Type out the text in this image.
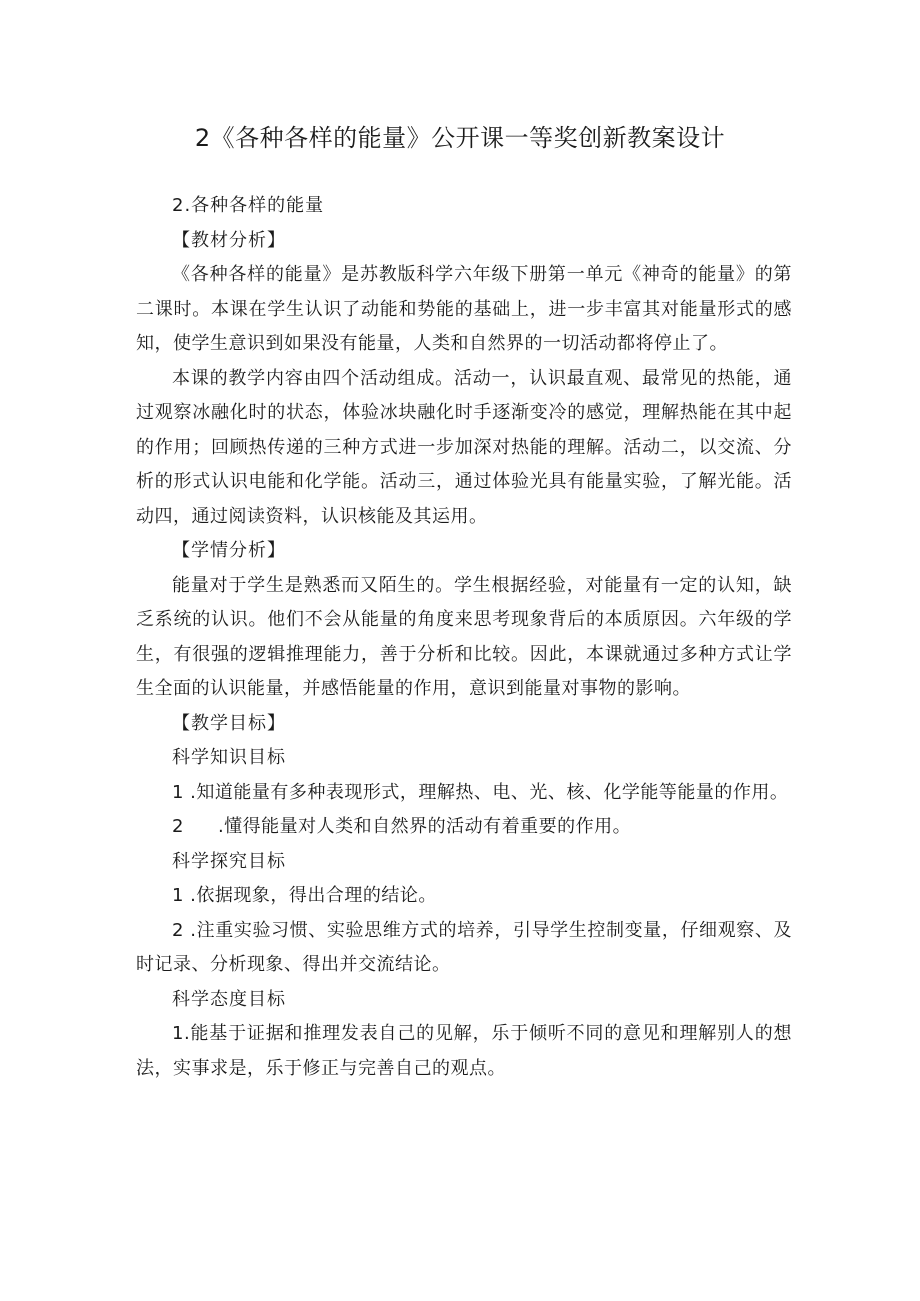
2《各种各样的能量》公开课一等奖创新教案设计

2.各种各样的能量

【教材分析】

《各种各样的能量》是苏教版科学六年级下册第一单元《神奇的能量》的第二课时。本课在学生认识了动能和势能的基础上，进一步丰富其对能量形式的感知，使学生意识到如果没有能量，人类和自然界的一切活动都将停止了。

本课的教学内容由四个活动组成。活动一，认识最直观、最常见的热能，通过观察冰融化时的状态，体验冰块融化时手逐渐变冷的感觉，理解热能在其中起的作用；回顾热传递的三种方式进一步加深对热能的理解。活动二，以交流、分析的形式认识电能和化学能。活动三，通过体验光具有能量实验，了解光能。活动四，通过阅读资料，认识核能及其运用。

【学情分析】

能量对于学生是熟悉而又陌生的。学生根据经验，对能量有一定的认知，缺乏系统的认识。他们不会从能量的角度来思考现象背后的本质原因。六年级的学生，有很强的逻辑推理能力，善于分析和比较。因此，本课就通过多种方式让学生全面的认识能量，并感悟能量的作用，意识到能量对事物的影响。

【教学目标】

科学知识目标

1 .知道能量有多种表现形式，理解热、电、光、核、化学能等能量的作用。

2 .懂得能量对人类和自然界的活动有着重要的作用。

科学探究目标

1 .依据现象，得出合理的结论。

2 .注重实验习惯、实验思维方式的培养，引导学生控制变量，仔细观察、及时记录、分析现象、得出并交流结论。

科学态度目标

1.能基于证据和推理发表自己的见解，乐于倾听不同的意见和理解别人的想法，实事求是，乐于修正与完善自己的观点。
